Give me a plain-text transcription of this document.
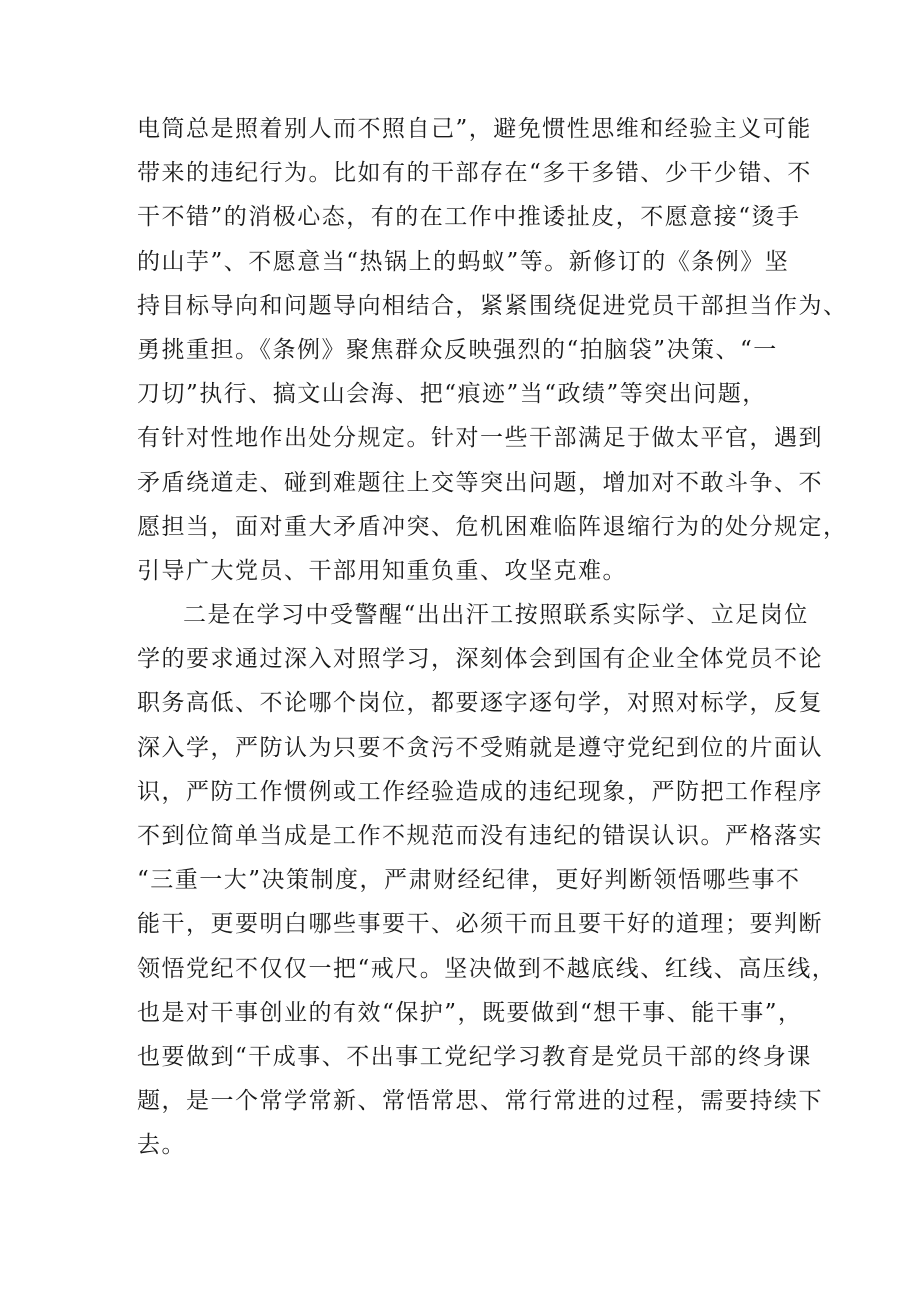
电筒总是照着别人而不照自己”，避免惯性思维和经验主义可能
带来的违纪行为。比如有的干部存在“多干多错、少干少错、不
干不错”的消极心态，有的在工作中推诿扯皮，不愿意接“烫手
的山芋”、不愿意当“热锅上的蚂蚁”等。新修订的《条例》坚
持目标导向和问题导向相结合，紧紧围绕促进党员干部担当作为、
勇挑重担。《条例》聚焦群众反映强烈的“拍脑袋”决策、“一
刀切”执行、搞文山会海、把“痕迹”当“政绩”等突出问题，
有针对性地作出处分规定。针对一些干部满足于做太平官，遇到
矛盾绕道走、碰到难题往上交等突出问题，增加对不敢斗争、不
愿担当，面对重大矛盾冲突、危机困难临阵退缩行为的处分规定，
引导广大党员、干部用知重负重、攻坚克难。
二是在学习中受警醒“出出汗工按照联系实际学、立足岗位
学的要求通过深入对照学习，深刻体会到国有企业全体党员不论
职务高低、不论哪个岗位，都要逐字逐句学，对照对标学，反复
深入学，严防认为只要不贪污不受贿就是遵守党纪到位的片面认
识，严防工作惯例或工作经验造成的违纪现象，严防把工作程序
不到位简单当成是工作不规范而没有违纪的错误认识。严格落实
“三重一大”决策制度，严肃财经纪律，更好判断领悟哪些事不
能干，更要明白哪些事要干、必须干而且要干好的道理；要判断
领悟党纪不仅仅一把“戒尺。坚决做到不越底线、红线、高压线，
也是对干事创业的有效“保护”，既要做到“想干事、能干事”，
也要做到“干成事、不出事工党纪学习教育是党员干部的终身课
题，是一个常学常新、常悟常思、常行常进的过程，需要持续下
去。
